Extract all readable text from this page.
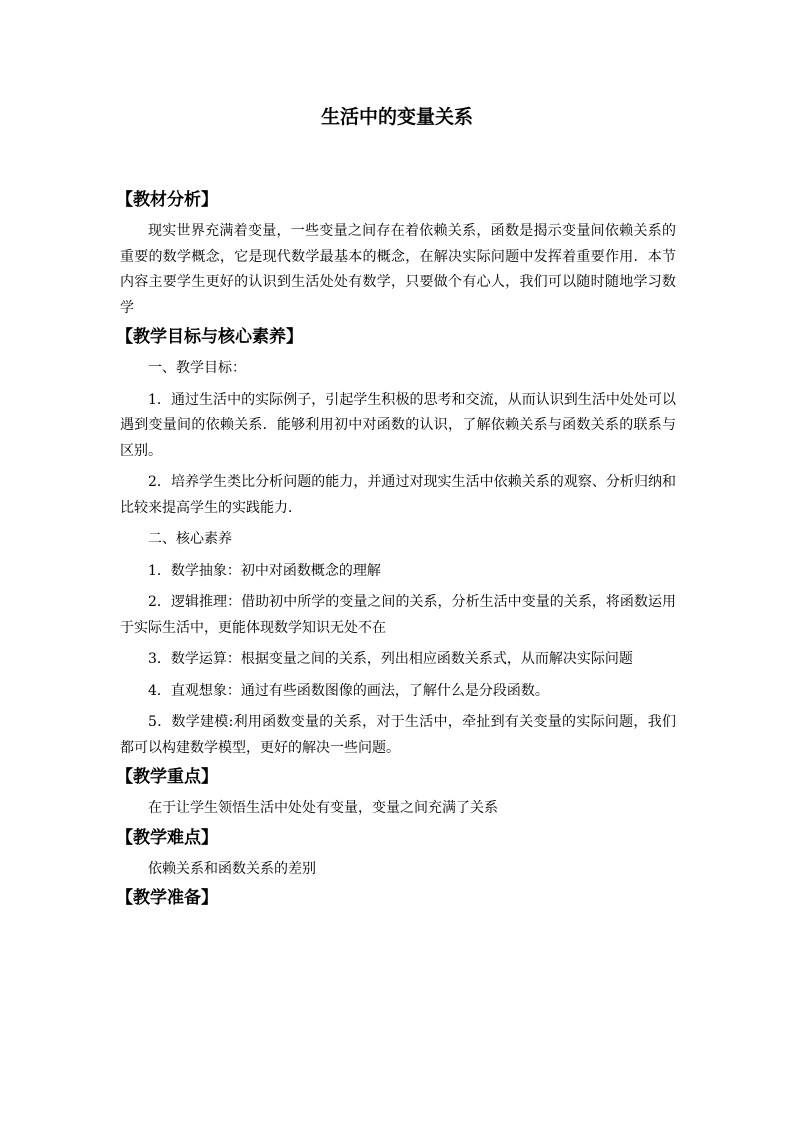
生活中的变量关系
【教材分析】
现实世界充满着变量，一些变量之间存在着依赖关系，函数是揭示变量间依赖关系的重要的数学概念，它是现代数学最基本的概念，在解决实际问题中发挥着重要作用．本节内容主要学生更好的认识到生活处处有数学，只要做个有心人，我们可以随时随地学习数学
【教学目标与核心素养】
一、教学目标：
1．通过生活中的实际例子，引起学生积极的思考和交流，从而认识到生活中处处可以遇到变量间的依赖关系．能够利用初中对函数的认识，了解依赖关系与函数关系的联系与区别。
2．培养学生类比分析问题的能力，并通过对现实生活中依赖关系的观察、分析归纳和比较来提高学生的实践能力．
二、核心素养
1．数学抽象：初中对函数概念的理解
2．逻辑推理：借助初中所学的变量之间的关系，分析生活中变量的关系，将函数运用于实际生活中，更能体现数学知识无处不在
3．数学运算：根据变量之间的关系，列出相应函数关系式，从而解决实际问题
4．直观想象：通过有些函数图像的画法，了解什么是分段函数。
5．数学建模:利用函数变量的关系，对于生活中，牵扯到有关变量的实际问题，我们都可以构建数学模型，更好的解决一些问题。
【教学重点】
在于让学生领悟生活中处处有变量，变量之间充满了关系
【教学难点】
依赖关系和函数关系的差别
【教学准备】
